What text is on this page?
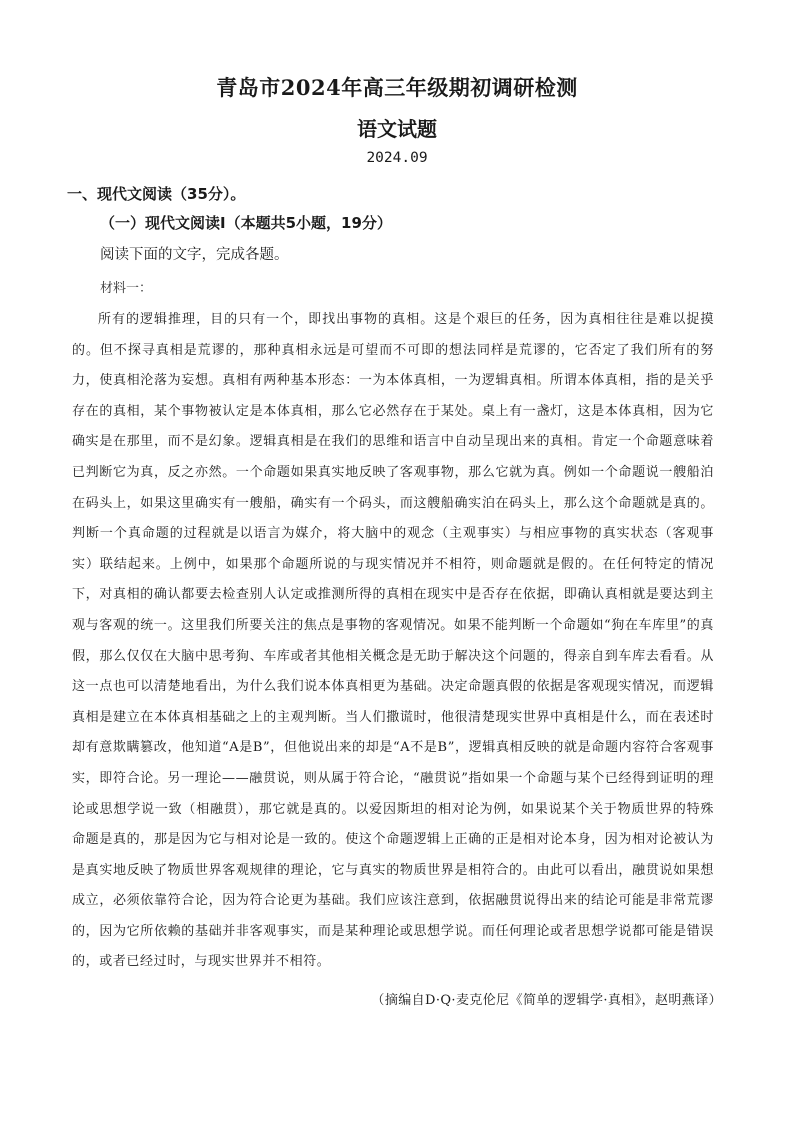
青岛市2024年高三年级期初调研检测
语文试题
2024.09
一、现代文阅读（35分）。
（一）现代文阅读Ⅰ（本题共5小题，19分）
阅读下面的文字，完成各题。
材料一：
所有的逻辑推理，目的只有一个，即找出事物的真相。这是个艰巨的任务，因为真相往往是难以捉摸的。但不探寻真相是荒谬的，那种真相永远是可望而不可即的想法同样是荒谬的，它否定了我们所有的努力，使真相沦落为妄想。真相有两种基本形态：一为本体真相，一为逻辑真相。所谓本体真相，指的是关乎存在的真相，某个事物被认定是本体真相，那么它必然存在于某处。桌上有一盏灯，这是本体真相，因为它确实是在那里，而不是幻象。逻辑真相是在我们的思维和语言中自动呈现出来的真相。肯定一个命题意味着已判断它为真，反之亦然。一个命题如果真实地反映了客观事物，那么它就为真。例如一个命题说一艘船泊在码头上，如果这里确实有一艘船，确实有一个码头，而这艘船确实泊在码头上，那么这个命题就是真的。判断一个真命题的过程就是以语言为媒介，将大脑中的观念（主观事实）与相应事物的真实状态（客观事实）联结起来。上例中，如果那个命题所说的与现实情况并不相符，则命题就是假的。在任何特定的情况下，对真相的确认都要去检查别人认定或推测所得的真相在现实中是否存在依据，即确认真相就是要达到主观与客观的统一。这里我们所要关注的焦点是事物的客观情况。如果不能判断一个命题如“狗在车库里”的真假，那么仅仅在大脑中思考狗、车库或者其他相关概念是无助于解决这个问题的，得亲自到车库去看看。从这一点也可以清楚地看出，为什么我们说本体真相更为基础。决定命题真假的依据是客观现实情况，而逻辑真相是建立在本体真相基础之上的主观判断。当人们撒谎时，他很清楚现实世界中真相是什么，而在表述时却有意欺瞒篡改，他知道“A是B”，但他说出来的却是“A不是B”，逻辑真相反映的就是命题内容符合客观事实，即符合论。另一理论——融贯说，则从属于符合论，“融贯说”指如果一个命题与某个已经得到证明的理论或思想学说一致（相融贯），那它就是真的。以爱因斯坦的相对论为例，如果说某个关于物质世界的特殊命题是真的，那是因为它与相对论是一致的。使这个命题逻辑上正确的正是相对论本身，因为相对论被认为是真实地反映了物质世界客观规律的理论，它与真实的物质世界是相符合的。由此可以看出，融贯说如果想成立，必须依靠符合论，因为符合论更为基础。我们应该注意到，依据融贯说得出来的结论可能是非常荒谬的，因为它所依赖的基础并非客观事实，而是某种理论或思想学说。而任何理论或者思想学说都可能是错误的，或者已经过时，与现实世界并不相符。
（摘编自D·Q·麦克伦尼《简单的逻辑学·真相》，赵明燕译）
